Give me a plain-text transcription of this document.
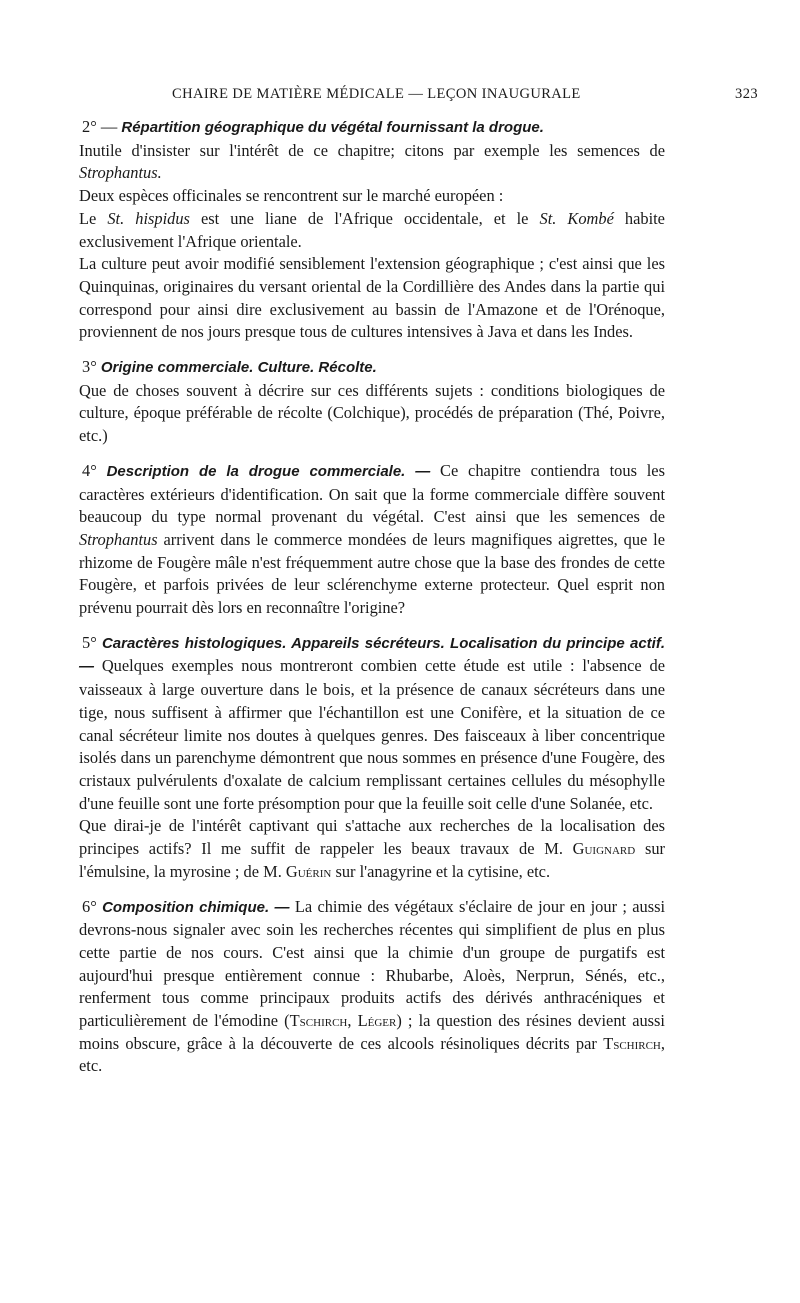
CHAIRE DE MATIÈRE MÉDICALE — LEÇON INAUGURALE	323

2° — Répartition géographique du végétal fournissant la drogue.

Inutile d'insister sur l'intérêt de ce chapitre; citons par exemple les semences de Strophantus.

Deux espèces officinales se rencontrent sur le marché européen :

Le St. hispidus est une liane de l'Afrique occidentale, et le St. Kombé habite exclusivement l'Afrique orientale.

La culture peut avoir modifié sensiblement l'extension géographique ; c'est ainsi que les Quinquinas, originaires du versant oriental de la Cordillière des Andes dans la partie qui correspond pour ainsi dire exclusivement au bassin de l'Amazone et de l'Orénoque, proviennent de nos jours presque tous de cultures intensives à Java et dans les Indes.

3° Origine commerciale. Culture. Récolte.

Que de choses souvent à décrire sur ces différents sujets : conditions biologiques de culture, époque préférable de récolte (Colchique), procédés de préparation (Thé, Poivre, etc.)

4° Description de la drogue commerciale. — Ce chapitre contiendra tous les caractères extérieurs d'identification. On sait que la forme commerciale diffère souvent beaucoup du type normal provenant du végétal. C'est ainsi que les semences de Strophantus arrivent dans le commerce mondées de leurs magnifiques aigrettes, que le rhizome de Fougère mâle n'est fréquemment autre chose que la base des frondes de cette Fougère, et parfois privées de leur sclérenchyme externe protecteur. Quel esprit non prévenu pourrait dès lors en reconnaître l'origine?

5° Caractères histologiques. Appareils sécréteurs. Localisation du principe actif. — Quelques exemples nous montreront combien cette étude est utile : l'absence de vaisseaux à large ouverture dans le bois, et la présence de canaux sécréteurs dans une tige, nous suffisent à affirmer que l'échantillon est une Conifère, et la situation de ce canal sécréteur limite nos doutes à quelques genres. Des faisceaux à liber concentrique isolés dans un parenchyme démontrent que nous sommes en présence d'une Fougère, des cristaux pulvérulents d'oxalate de calcium remplissant certaines cellules du mésophylle d'une feuille sont une forte présomption pour que la feuille soit celle d'une Solanée, etc.

Que dirai-je de l'intérêt captivant qui s'attache aux recherches de la localisation des principes actifs? Il me suffit de rappeler les beaux travaux de M. Guignard sur l'émulsine, la myrosine ; de M. Guérin sur l'anagyrine et la cytisine, etc.

6° Composition chimique. — La chimie des végétaux s'éclaire de jour en jour ; aussi devrons-nous signaler avec soin les recherches récentes qui simplifient de plus en plus cette partie de nos cours. C'est ainsi que la chimie d'un groupe de purgatifs est aujourd'hui presque entièrement connue : Rhubarbe, Aloès, Nerprun, Sénés, etc., renferment tous comme principaux produits actifs des dérivés anthracéniques et particulièrement de l'émodine (Tschirch, Léger) ; la question des résines devient aussi moins obscure, grâce à la découverte de ces alcools résinoliques décrits par Tschirch, etc.
